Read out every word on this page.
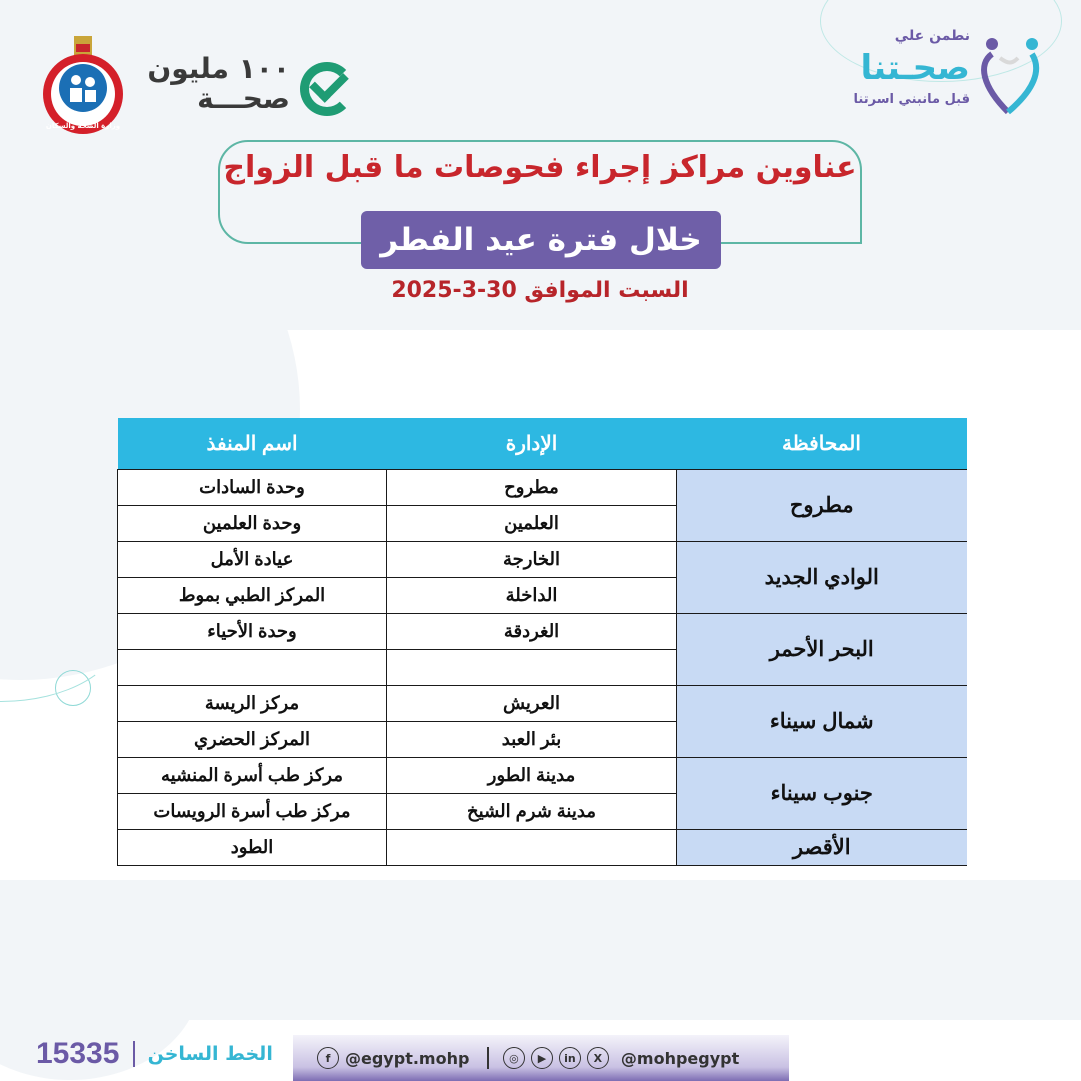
وزارة الصحة والسكان
١٠٠ مليون
صحـــة
نطمن علي
صحـتنا
قبل مانبني اسرتنا
عناوين مراكز إجراء فحوصات ما قبل الزواج
خلال فترة عيد الفطر
السبت الموافق 30-3-2025
المحافظة	الإدارة	اسم المنفذ
مطروح	مطروح	وحدة السادات
	العلمين	وحدة العلمين
الوادي الجديد	الخارجة	عيادة الأمل
	الداخلة	المركز الطبي بموط
البحر الأحمر	الغردقة	وحدة الأحياء

شمال سيناء	العريش	مركز الريسة
	بئر العبد	المركز الحضري
جنوب سيناء	مدينة الطور	مركز طب أسرة المنشيه
	مدينة شرم الشيخ	مركز طب أسرة الرويسات
الأقصر		الطود
15335 الخط الساخن	f @egypt.mohp	◎	▶	in	X	@mohpegypt
